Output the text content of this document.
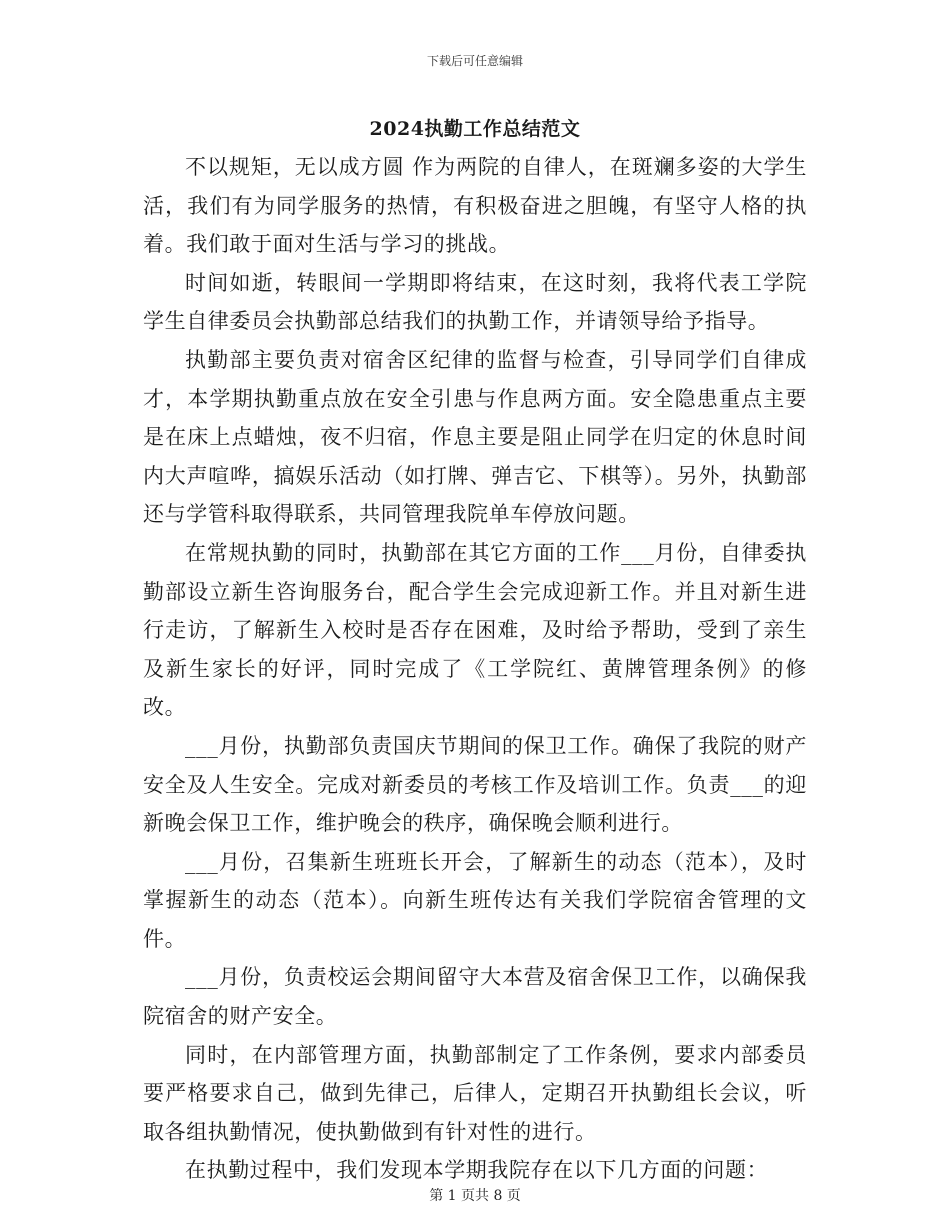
下载后可任意编辑
2024执勤工作总结范文

不以规矩，无以成方圆 作为两院的自律人，在斑斓多姿的大学生活，我们有为同学服务的热情，有积极奋进之胆魄，有坚守人格的执着。我们敢于面对生活与学习的挑战。

时间如逝，转眼间一学期即将结束，在这时刻，我将代表工学院学生自律委员会执勤部总结我们的执勤工作，并请领导给予指导。

执勤部主要负责对宿舍区纪律的监督与检查，引导同学们自律成才，本学期执勤重点放在安全引患与作息两方面。安全隐患重点主要是在床上点蜡烛，夜不归宿，作息主要是阻止同学在归定的休息时间内大声喧哗，搞娱乐活动（如打牌、弹吉它、下棋等）。另外，执勤部还与学管科取得联系，共同管理我院单车停放问题。

在常规执勤的同时，执勤部在其它方面的工作___月份，自律委执勤部设立新生咨询服务台，配合学生会完成迎新工作。并且对新生进行走访，了解新生入校时是否存在困难，及时给予帮助，受到了亲生及新生家长的好评，同时完成了《工学院红、黄牌管理条例》的修改。

___月份，执勤部负责国庆节期间的保卫工作。确保了我院的财产安全及人生安全。完成对新委员的考核工作及培训工作。负责___的迎新晚会保卫工作，维护晚会的秩序，确保晚会顺利进行。

___月份，召集新生班班长开会，了解新生的动态（范本），及时掌握新生的动态（范本）。向新生班传达有关我们学院宿舍管理的文件。

___月份，负责校运会期间留守大本营及宿舍保卫工作，以确保我院宿舍的财产安全。

同时，在内部管理方面，执勤部制定了工作条例，要求内部委员要严格要求自己，做到先律己，后律人，定期召开执勤组长会议，听取各组执勤情况，使执勤做到有针对性的进行。

在执勤过程中，我们发现本学期我院存在以下几方面的问题：

第 1 页共 8 页
